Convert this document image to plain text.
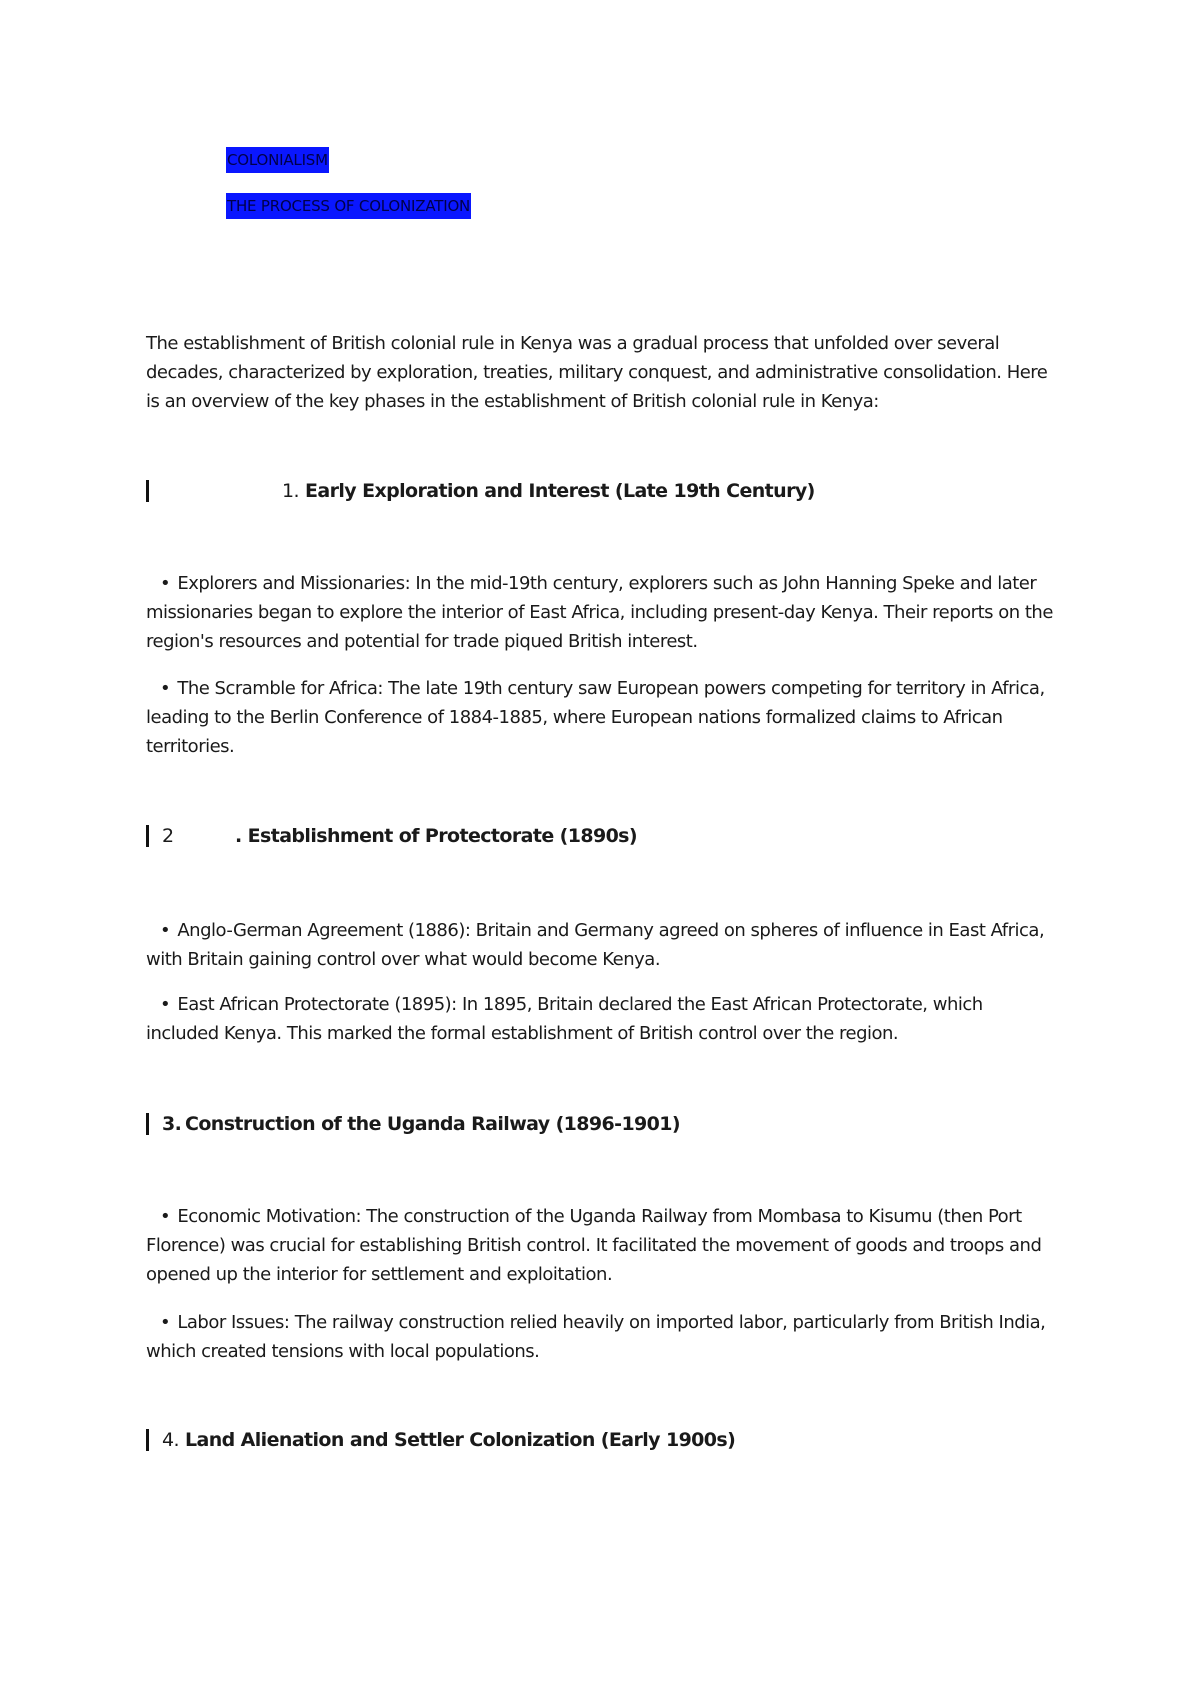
COLONIALISM
THE PROCESS OF COLONIZATION

The establishment of British colonial rule in Kenya was a gradual process that unfolded over several decades, characterized by exploration, treaties, military conquest, and administrative consolidation. Here is an overview of the key phases in the establishment of British colonial rule in Kenya:

1. Early Exploration and Interest (Late 19th Century)

• Explorers and Missionaries: In the mid-19th century, explorers such as John Hanning Speke and later missionaries began to explore the interior of East Africa, including present-day Kenya. Their reports on the region's resources and potential for trade piqued British interest.

• The Scramble for Africa: The late 19th century saw European powers competing for territory in Africa, leading to the Berlin Conference of 1884-1885, where European nations formalized claims to African territories.

2	. Establishment of Protectorate (1890s)

• Anglo-German Agreement (1886): Britain and Germany agreed on spheres of influence in East Africa, with Britain gaining control over what would become Kenya.

• East African Protectorate (1895): In 1895, Britain declared the East African Protectorate, which included Kenya. This marked the formal establishment of British control over the region.

3. Construction of the Uganda Railway (1896-1901)

• Economic Motivation: The construction of the Uganda Railway from Mombasa to Kisumu (then Port Florence) was crucial for establishing British control. It facilitated the movement of goods and troops and opened up the interior for settlement and exploitation.

• Labor Issues: The railway construction relied heavily on imported labor, particularly from British India, which created tensions with local populations.

4. Land Alienation and Settler Colonization (Early 1900s)
